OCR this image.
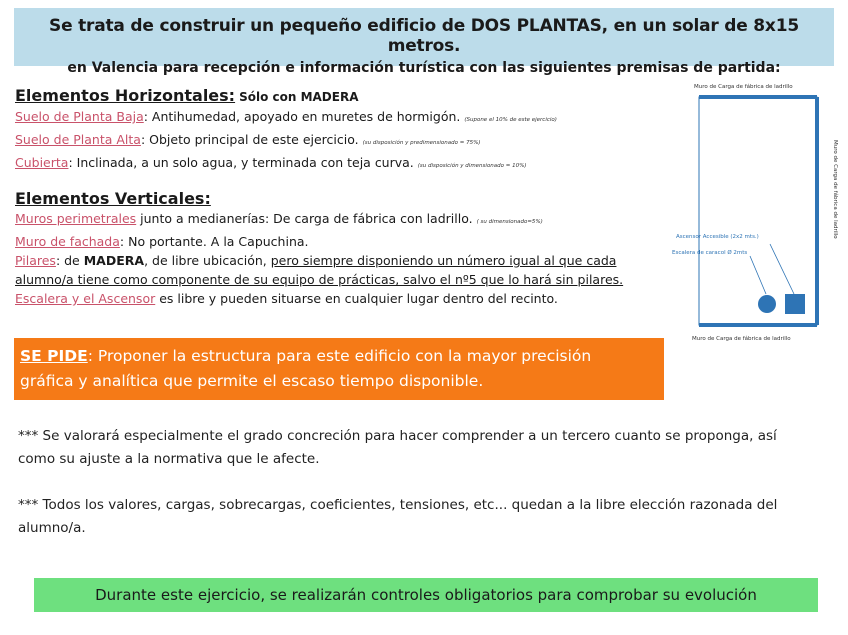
Se trata de construir un pequeño edificio de DOS PLANTAS, en un solar de 8x15 metros.
en Valencia para recepción e información turística con las siguientes premisas de partida:
Elementos Horizontales: Sólo con MADERA
Suelo de Planta Baja: Antihumedad, apoyado en muretes de hormigón. (Supone el 10% de este ejercicio)
Suelo de Planta Alta: Objeto principal de este ejercicio. (su disposición y predimensionado = 75%)
Cubierta: Inclinada, a un solo agua, y terminada con teja curva. (su disposición y dimensionado = 10%)
Elementos Verticales:
Muros perimetrales junto a medianerías: De carga de fábrica con ladrillo. ( su dimensionado=5%)
Muro de fachada: No portante. A la Capuchina.
Pilares: de MADERA, de libre ubicación, pero siempre disponiendo un número igual al que cada
alumno/a tiene como componente de su equipo de prácticas, salvo el nº5 que lo hará sin pilares.
Escalera y el Ascensor es libre y pueden situarse en cualquier lugar dentro del recinto.
SE PIDE: Proponer la estructura para este edificio con la mayor precisión
gráfica y analítica que permite el escaso tiempo disponible.
*** Se valorará especialmente el grado concreción para hacer comprender a un tercero cuanto se proponga, así como su ajuste a la normativa que le afecte.
*** Todos los valores, cargas, sobrecargas, coeficientes, tensiones, etc... quedan a la libre elección razonada del alumno/a.
Durante este ejercicio, se realizarán controles obligatorios para comprobar su evolución
Muro de Carga de fábrica de ladrillo
Ascensor Accesible (2x2 mts.)
Escalera de caracol Ø 2mts
Muro de Carga de fábrica de ladrillo
Muro de Carga de fábrica de ladrillo
